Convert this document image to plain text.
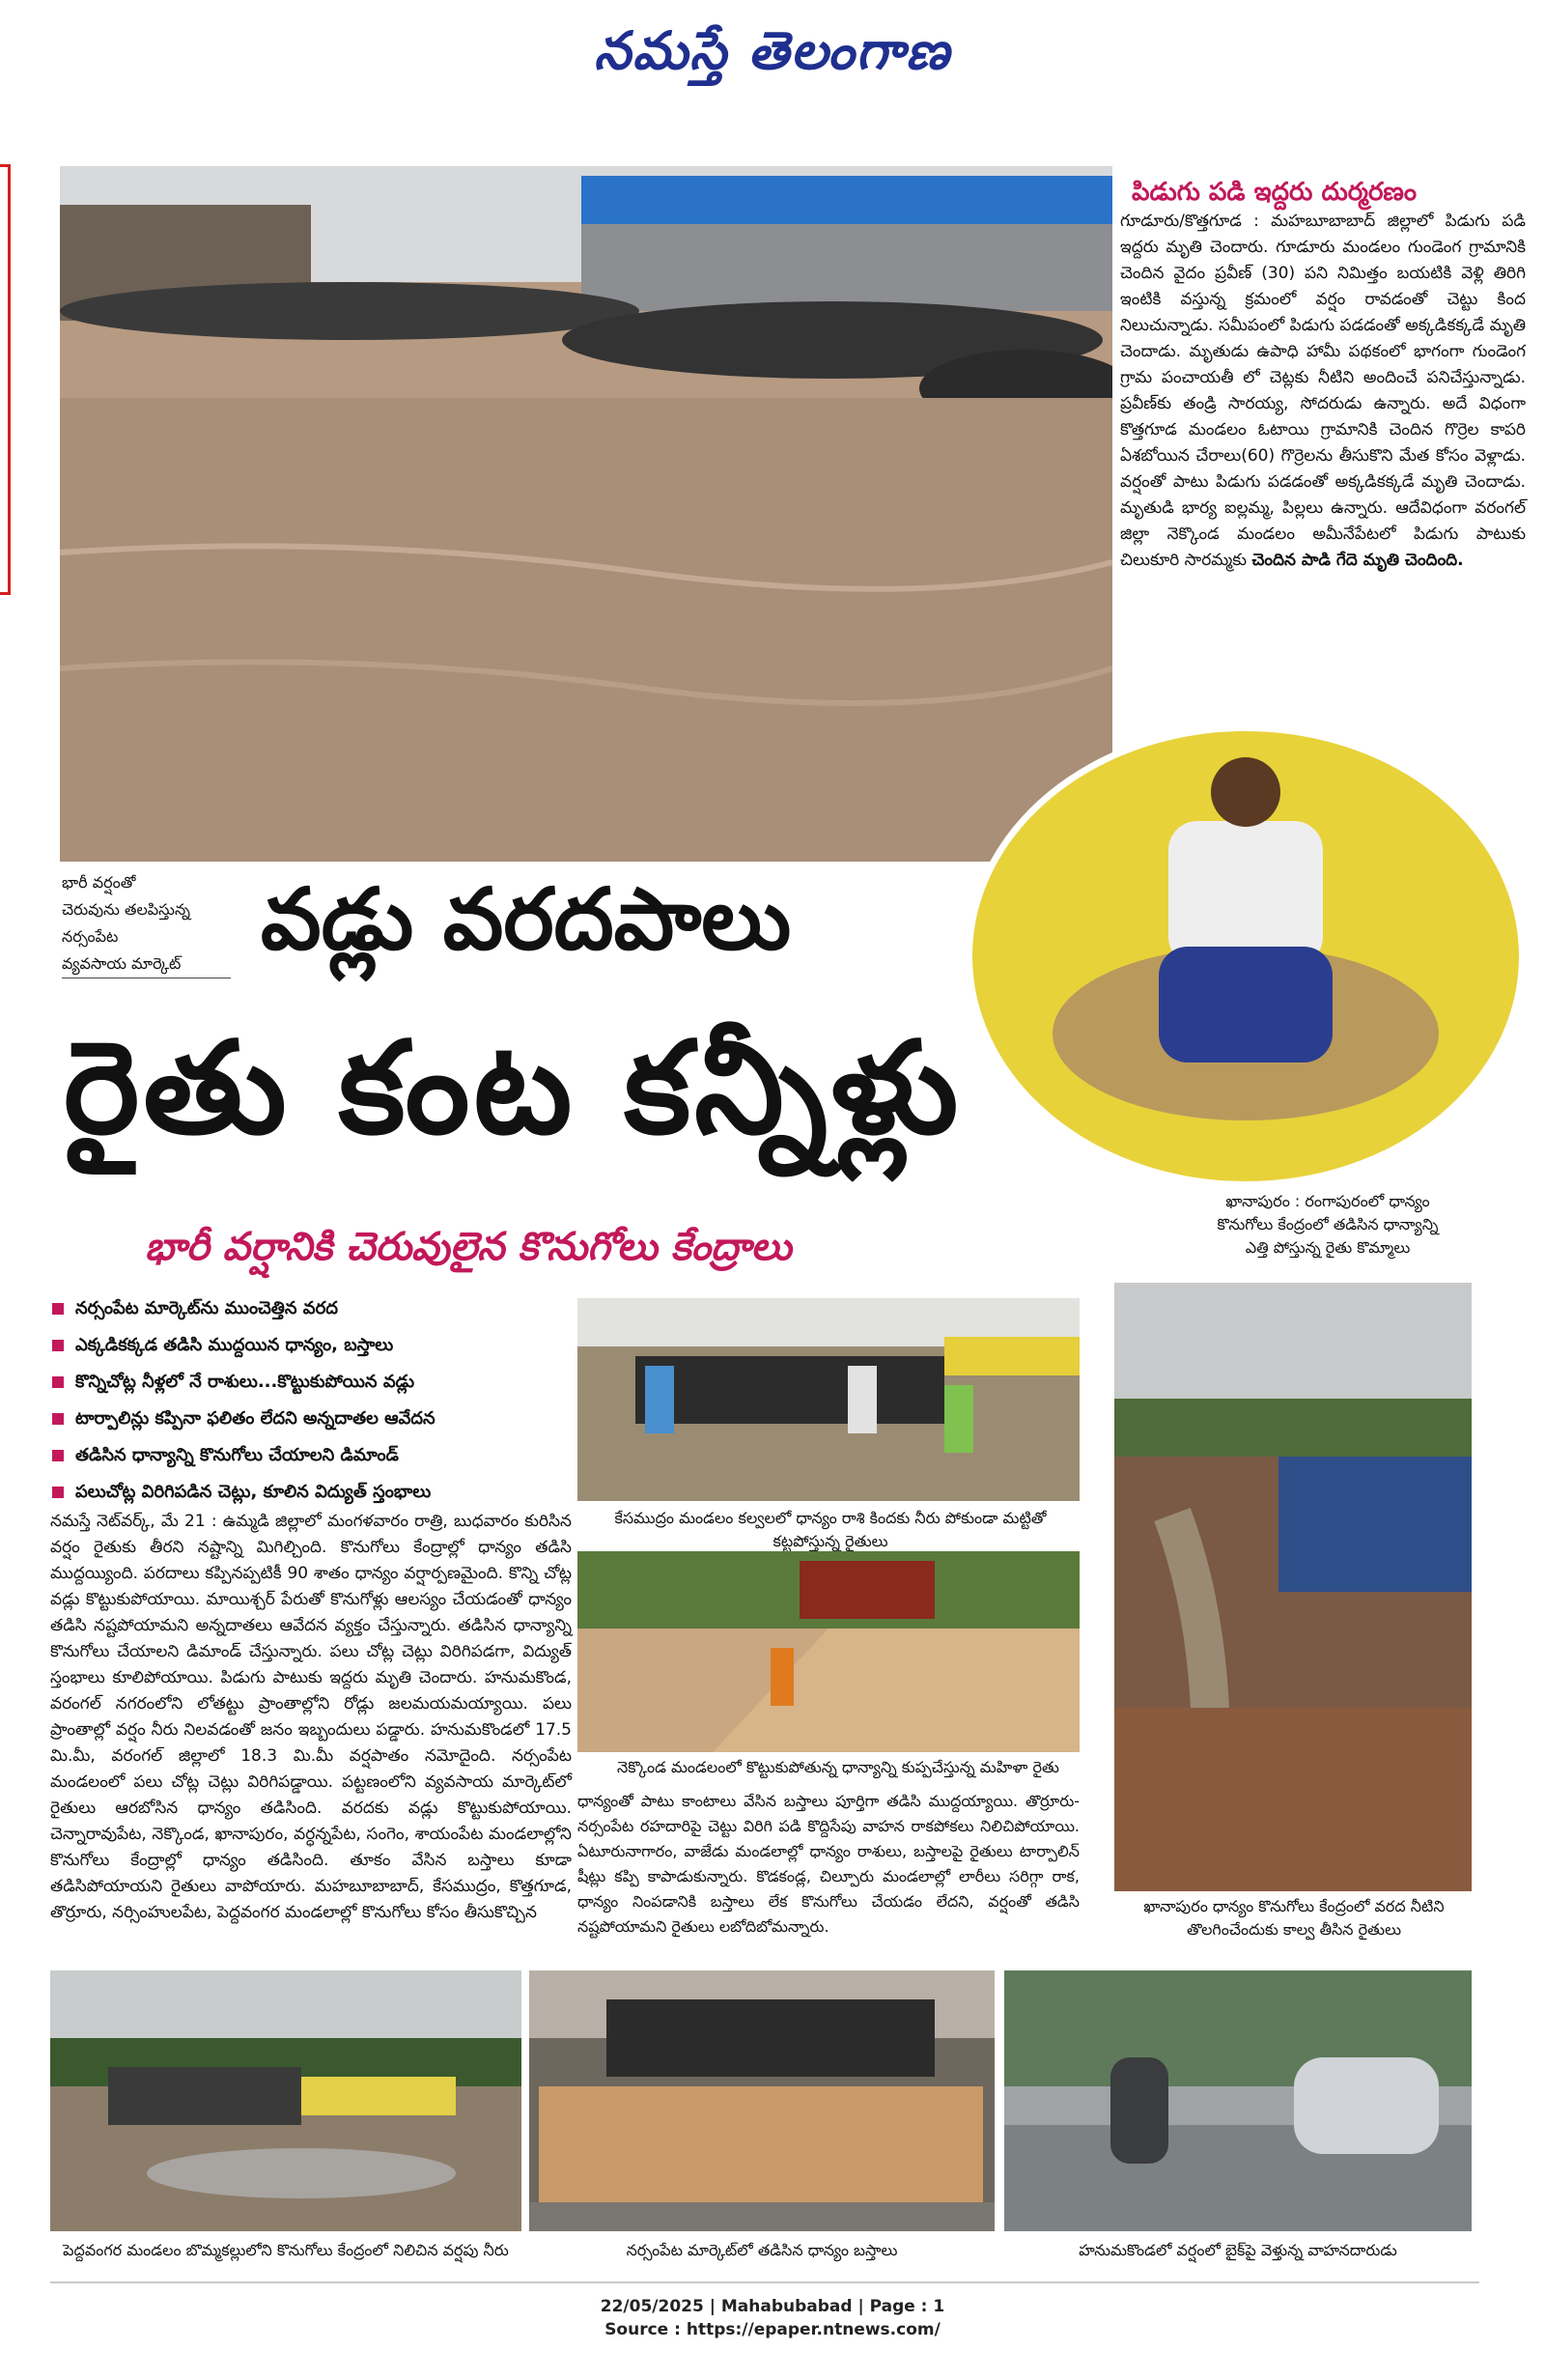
నమస్తే తెలంగాణ
పిడుగు పడి ఇద్దరు దుర్మరణం
గూడూరు/కొత్తగూడ : మహబూబాబాద్ జిల్లాలో పిడుగు పడి ఇద్దరు మృతి చెందారు. గూడూరు మండలం గుండెంగ గ్రామానికి చెందిన వైదం ప్రవీణ్ (30) పని నిమిత్తం బయటికి వెళ్లి తిరిగి ఇంటికి వస్తున్న క్రమంలో వర్షం రావడంతో చెట్టు కింద నిలుచున్నాడు. సమీపంలో పిడుగు పడడంతో అక్కడికక్కడే మృతి చెందాడు. మృతుడు ఉపాధి హామీ పథకంలో భాగంగా గుండెంగ గ్రామ పంచాయతీ లో చెట్లకు నీటిని అందించే పనిచేస్తున్నాడు. ప్రవీణ్‌కు తండ్రి సారయ్య, సోదరుడు ఉన్నారు. అదే విధంగా కొత్తగూడ మండలం ఓటాయి గ్రామానికి చెందిన గొర్రెల కాపరి ఏశబోయిన చేరాలు(60) గొర్రెలను తీసుకొని మేత కోసం వెళ్లాడు. వర్షంతో పాటు పిడుగు పడడంతో అక్కడికక్కడే మృతి చెందాడు. మృతుడి భార్య ఐల్లమ్మ, పిల్లలు ఉన్నారు. ఆదేవిధంగా వరంగల్ జిల్లా నెక్కొండ మండలం అమీనేపేటలో పిడుగు పాటుకు చిలుకూరి సారమ్మకు చెందిన పాడి గేదె మృతి చెందింది.
భారీ వర్షంతో
చెరువును తలపిస్తున్న
నర్సంపేట
వ్యవసాయ మార్కెట్ వడ్లు వరదపాలు
రైతు కంట కన్నీళ్లు
భారీ వర్షానికి చెరువులైన కొనుగోలు కేంద్రాలు
ఖానాపురం : రంగాపురంలో ధాన్యం
కొనుగోలు కేంద్రంలో తడిసిన ధాన్యాన్ని
ఎత్తి పోస్తున్న రైతు కొమ్మాలు
నర్సంపేట మార్కెట్‌ను ముంచెత్తిన వరద
ఎక్కడికక్కడ తడిసి ముద్దయిన ధాన్యం, బస్తాలు
కొన్నిచోట్ల నీళ్లలో నే రాశులు...కొట్టుకుపోయిన వడ్లు
టార్పాలిన్లు కప్పినా ఫలితం లేదని అన్నదాతల ఆవేదన
తడిసిన ధాన్యాన్ని కొనుగోలు చేయాలని డిమాండ్
పలుచోట్ల విరిగిపడిన చెట్లు, కూలిన విద్యుత్ స్తంభాలు
నమస్తే నెట్‌వర్క్, మే 21 : ఉమ్మడి జిల్లాలో మంగళవారం రాత్రి, బుధవారం కురిసిన వర్షం రైతుకు తీరని నష్టాన్ని మిగిల్చింది. కొనుగోలు కేంద్రాల్లో ధాన్యం తడిసి ముద్దయ్యింది. పరదాలు కప్పినప్పటికీ 90 శాతం ధాన్యం వర్షార్పణమైంది. కొన్ని చోట్ల వడ్లు కొట్టుకుపోయాయి. మాయిశ్చర్ పేరుతో కొనుగోళ్లు ఆలస్యం చేయడంతో ధాన్యం తడిసి నష్టపోయామని అన్నదాతలు ఆవేదన వ్యక్తం చేస్తున్నారు. తడిసిన ధాన్యాన్ని కొనుగోలు చేయాలని డిమాండ్ చేస్తున్నారు. పలు చోట్ల చెట్లు విరిగిపడగా, విద్యుత్ స్తంభాలు కూలిపోయాయి. పిడుగు పాటుకు ఇద్దరు మృతి చెందారు. హనుమకొండ, వరంగల్ నగరంలోని లోతట్టు ప్రాంతాల్లోని రోడ్లు జలమయమయ్యాయి. పలు ప్రాంతాల్లో వర్షం నీరు నిలవడంతో జనం ఇబ్బందులు పడ్డారు. హనుమకొండలో 17.5 మి.మీ, వరంగల్ జిల్లాలో 18.3 మి.మీ వర్షపాతం నమోదైంది. నర్సంపేట మండలంలో పలు చోట్ల చెట్లు విరిగిపడ్డాయి. పట్టణంలోని వ్యవసాయ మార్కెట్‌లో రైతులు ఆరబోసిన ధాన్యం తడిసింది. వరదకు వడ్లు కొట్టుకుపోయాయి. చెన్నారావుపేట, నెక్కొండ, ఖానాపురం, వర్ధన్నపేట, సంగెం, శాయంపేట మండలాల్లోని కొనుగోలు కేంద్రాల్లో ధాన్యం తడిసింది. తూకం వేసిన బస్తాలు కూడా తడిసిపోయాయని రైతులు వాపోయారు. మహబూబాబాద్, కేసముద్రం, కొత్తగూడ, తొర్రూరు, నర్సింహులపేట, పెద్దవంగర మండలాల్లో కొనుగోలు కోసం తీసుకొచ్చిన
కేసముద్రం మండలం కల్వలలో ధాన్యం రాశి కిందకు నీరు పోకుండా మట్టితో కట్టపోస్తున్న రైతులు
నెక్కొండ మండలంలో కొట్టుకుపోతున్న ధాన్యాన్ని కుప్పచేస్తున్న మహిళా రైతు
ధాన్యంతో పాటు కాంటాలు వేసిన బస్తాలు పూర్తిగా తడిసి ముద్దయ్యాయి. తొర్రూరు-నర్సంపేట రహదారిపై చెట్టు విరిగి పడి కొద్దిసేపు వాహన రాకపోకలు నిలిచిపోయాయి. ఏటూరునాగారం, వాజేడు మండలాల్లో ధాన్యం రాశులు, బస్తాలపై రైతులు టార్పాలిన్ షీట్లు కప్పి కాపాడుకున్నారు. కొడకండ్ల, చిల్పూరు మండలాల్లో లారీలు సరిగ్గా రాక, ధాన్యం నింపడానికి బస్తాలు లేక కొనుగోలు చేయడం లేదని, వర్షంతో తడిసి నష్టపోయామని రైతులు లబోదిబోమన్నారు.
ఖానాపురం ధాన్యం కొనుగోలు కేంద్రంలో వరద నీటిని తొలగించేందుకు కాల్వ తీసిన రైతులు
పెద్దవంగర మండలం బొమ్మకల్లులోని కొనుగోలు కేంద్రంలో నిలిచిన వర్షపు నీరు	నర్సంపేట మార్కెట్‌లో తడిసిన ధాన్యం బస్తాలు	హనుమకొండలో వర్షంలో బైక్‌పై వెళ్తున్న వాహనదారుడు
22/05/2025 | Mahabubabad | Page : 1
Source : https://epaper.ntnews.com/
